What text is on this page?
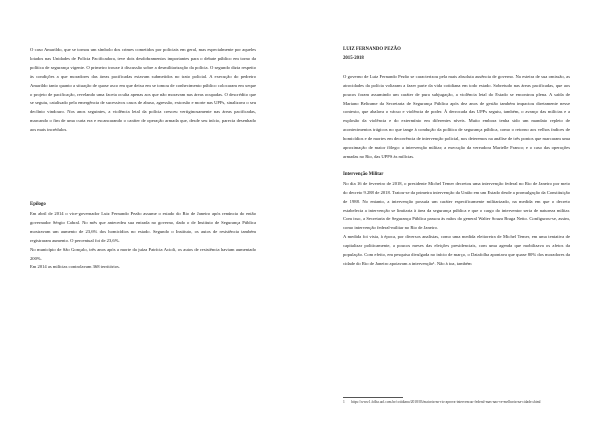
O caso Amarildo, que se tornou um símbolo dos crimes cometidos por policiais em geral, mas especialmente por aqueles lotados nas Unidades de Polícia Pacificadora, teve dois desdobramentos importantes para o debate público em torno da política de segurança vigente. O primeiro trouxe à discussão sobre a desmilitarização da polícia. O segundo dizia respeito às condições a que moradores das áreas pacificadas estavam submetidos no trato policial. A execução do pedreiro Amarildo tanto quanto a situação de quase asco em que deixa em se tomou de conhecimento público colocaram em xeque o projeto de pacificação, revelando uma faceta oculta apenas aos que não moravam nas áreas ocupadas. O descrédito que se seguiu, catalisado pela emergência de sucessivos casos de abuso, agressão, extorsão e morte nas UPPs, sinalizava o seu declínio vindouro. Nos anos seguintes, a violência letal da polícia cresceu vertiginosamente nas áreas pacificadas, marcando o fim de uma curta era e escancarando o caráter de operação armada que, desde seu início, parecia desenhado aos mais incrédulos.

Epílogo

Em abril de 2014 o vice-governador Luiz Fernando Pezão assume o estado do Rio de Janeiro após renúncia do então governador Sérgio Cabral. No mês que antecedeu sua entrada no governo, dado o de Instituto de Segurança Pública mostravam um aumento de 23,6% dos homicídios no estado. Segundo o Instituto, os autos de resistência também registraram aumento. O percentual foi de 23,6%.

No município de São Gonçalo, três anos após a morte da juíza Patrícia Acioli, os autos de resistência haviam aumentado 200%.

Em 2014 as milícias controlavam 368 territórios.

LUIZ FERNANDO PEZÃO

2015-2018

O governo de Luiz Fernando Pezão se caracterizou pela mais absoluta ausência de governo. Na esteira de sua omissão, as atrocidades da polícia voltaram a fazer parte da vida cotidiana em todo estado. Sobretudo nas áreas pacificadas, que aos poucos foram assumindo um caráter de pura subjugação, a violência letal do Estado se encontrou plena. A saída de Mariano Beltrame da Secretaria de Segurança Pública após dez anos de gestão também impactou diretamente nesse contexto, que abalava o vácuo e violência de poder. À derrocada das UPPs seguiu, também, o avanço das milícias e a explosão da violência e do extermínio em diferentes níveis. Muito embora tenha sido um mandato repleto de acontecimentos trágicos no que tange à condução da política de segurança pública, como o retorno aos velhos índices de homicídios e de mortes em decorrência de intervenção policial, nos deteremos na análise de três pontos que marcaram uma aproximação de maior fôlego: a intervenção militar; a execução da vereadora Marielle Franco; e o caso das operações armadas no Rio, das UPPS às milícias.

Intervenção Militar

No dia 16 de fevereiro de 2018, o presidente Michel Temer decretou uma intervenção federal no Rio de Janeiro por meio do decreto 9.288 de 2018. Tratou-se da primeira intervenção da União em um Estado desde a promulgação da Constituição de 1988. No entanto, a intervenção possuía um caráter especificamente militarizado, na medida em que o decreto estabelecia a intervenção se limitaria à área da segurança pública e que o cargo do interventor seria de natureza militar. Com isso, a Secretaria de Segurança Pública passou às mãos do general Walter Souza Braga Netto. Configurou-se, assim, como intervenção federal-militar no Rio de Janeiro.

A medida foi vista, à época, por diversos analistas, como uma medida eleitoreira de Michel Temer, em uma tentativa de capitalizar politicamente, a poucos meses das eleições presidenciais, com uma agenda que mobilizava os afetos da população. Com efeito, em pesquisa divulgada no início de março, o Datafolha apontava que quase 80% dos moradores da cidade do Rio de Janeiro apoiavam a intervenção¹. Não à toa, também

1 https://www1.folha.uol.com.br/cotidiano/2018/03/maioria-no-rio-aprova-intervencao-federal-mas-nao-ve-melhoria-na-cidade.shtml
